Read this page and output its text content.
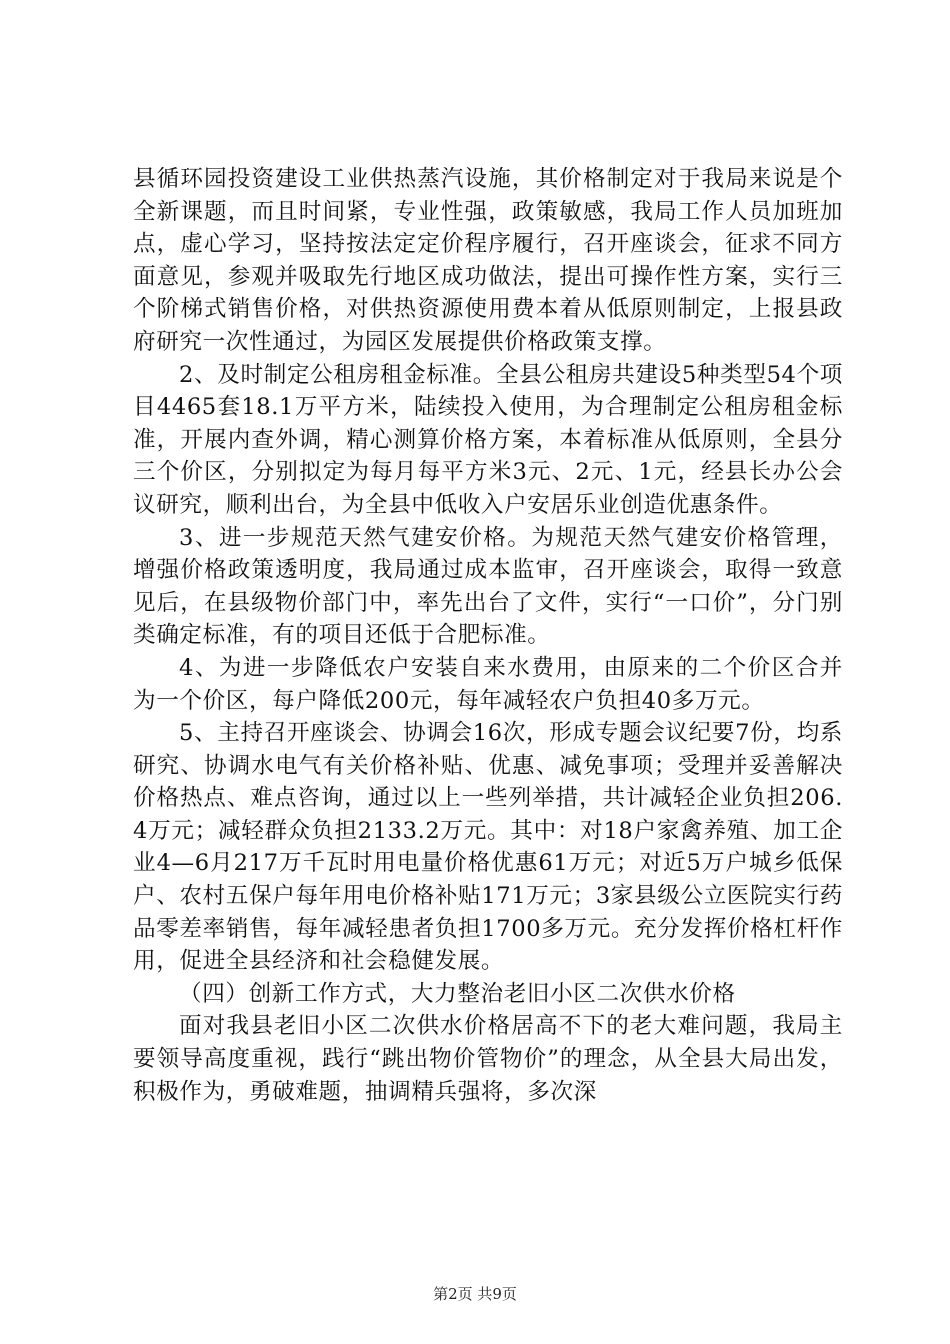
县循环园投资建设工业供热蒸汽设施，其价格制定对于我局来说是个全新课题，而且时间紧，专业性强，政策敏感，我局工作人员加班加点，虚心学习，坚持按法定定价程序履行，召开座谈会，征求不同方面意见，参观并吸取先行地区成功做法，提出可操作性方案，实行三个阶梯式销售价格，对供热资源使用费本着从低原则制定，上报县政府研究一次性通过，为园区发展提供价格政策支撑。

2、及时制定公租房租金标准。全县公租房共建设5种类型54个项目4465套18.1万平方米，陆续投入使用，为合理制定公租房租金标准，开展内查外调，精心测算价格方案，本着标准从低原则，全县分三个价区，分别拟定为每月每平方米3元、2元、1元，经县长办公会议研究，顺利出台，为全县中低收入户安居乐业创造优惠条件。

3、进一步规范天然气建安价格。为规范天然气建安价格管理，增强价格政策透明度，我局通过成本监审，召开座谈会，取得一致意见后，在县级物价部门中，率先出台了文件，实行“一口价”，分门别类确定标准，有的项目还低于合肥标准。

4、为进一步降低农户安装自来水费用，由原来的二个价区合并为一个价区，每户降低200元，每年减轻农户负担40多万元。

5、主持召开座谈会、协调会16次，形成专题会议纪要7份，均系研究、协调水电气有关价格补贴、优惠、减免事项；受理并妥善解决价格热点、难点咨询，通过以上一些列举措，共计减轻企业负担206.4万元；减轻群众负担2133.2万元。其中：对18户家禽养殖、加工企业4—6月217万千瓦时用电量价格优惠61万元；对近5万户城乡低保户、农村五保户每年用电价格补贴171万元；3家县级公立医院实行药品零差率销售，每年减轻患者负担1700多万元。充分发挥价格杠杆作用，促进全县经济和社会稳健发展。

（四）创新工作方式，大力整治老旧小区二次供水价格

面对我县老旧小区二次供水价格居高不下的老大难问题，我局主要领导高度重视，践行“跳出物价管物价”的理念，从全县大局出发，积极作为，勇破难题，抽调精兵强将，多次深

第2页 共9页
